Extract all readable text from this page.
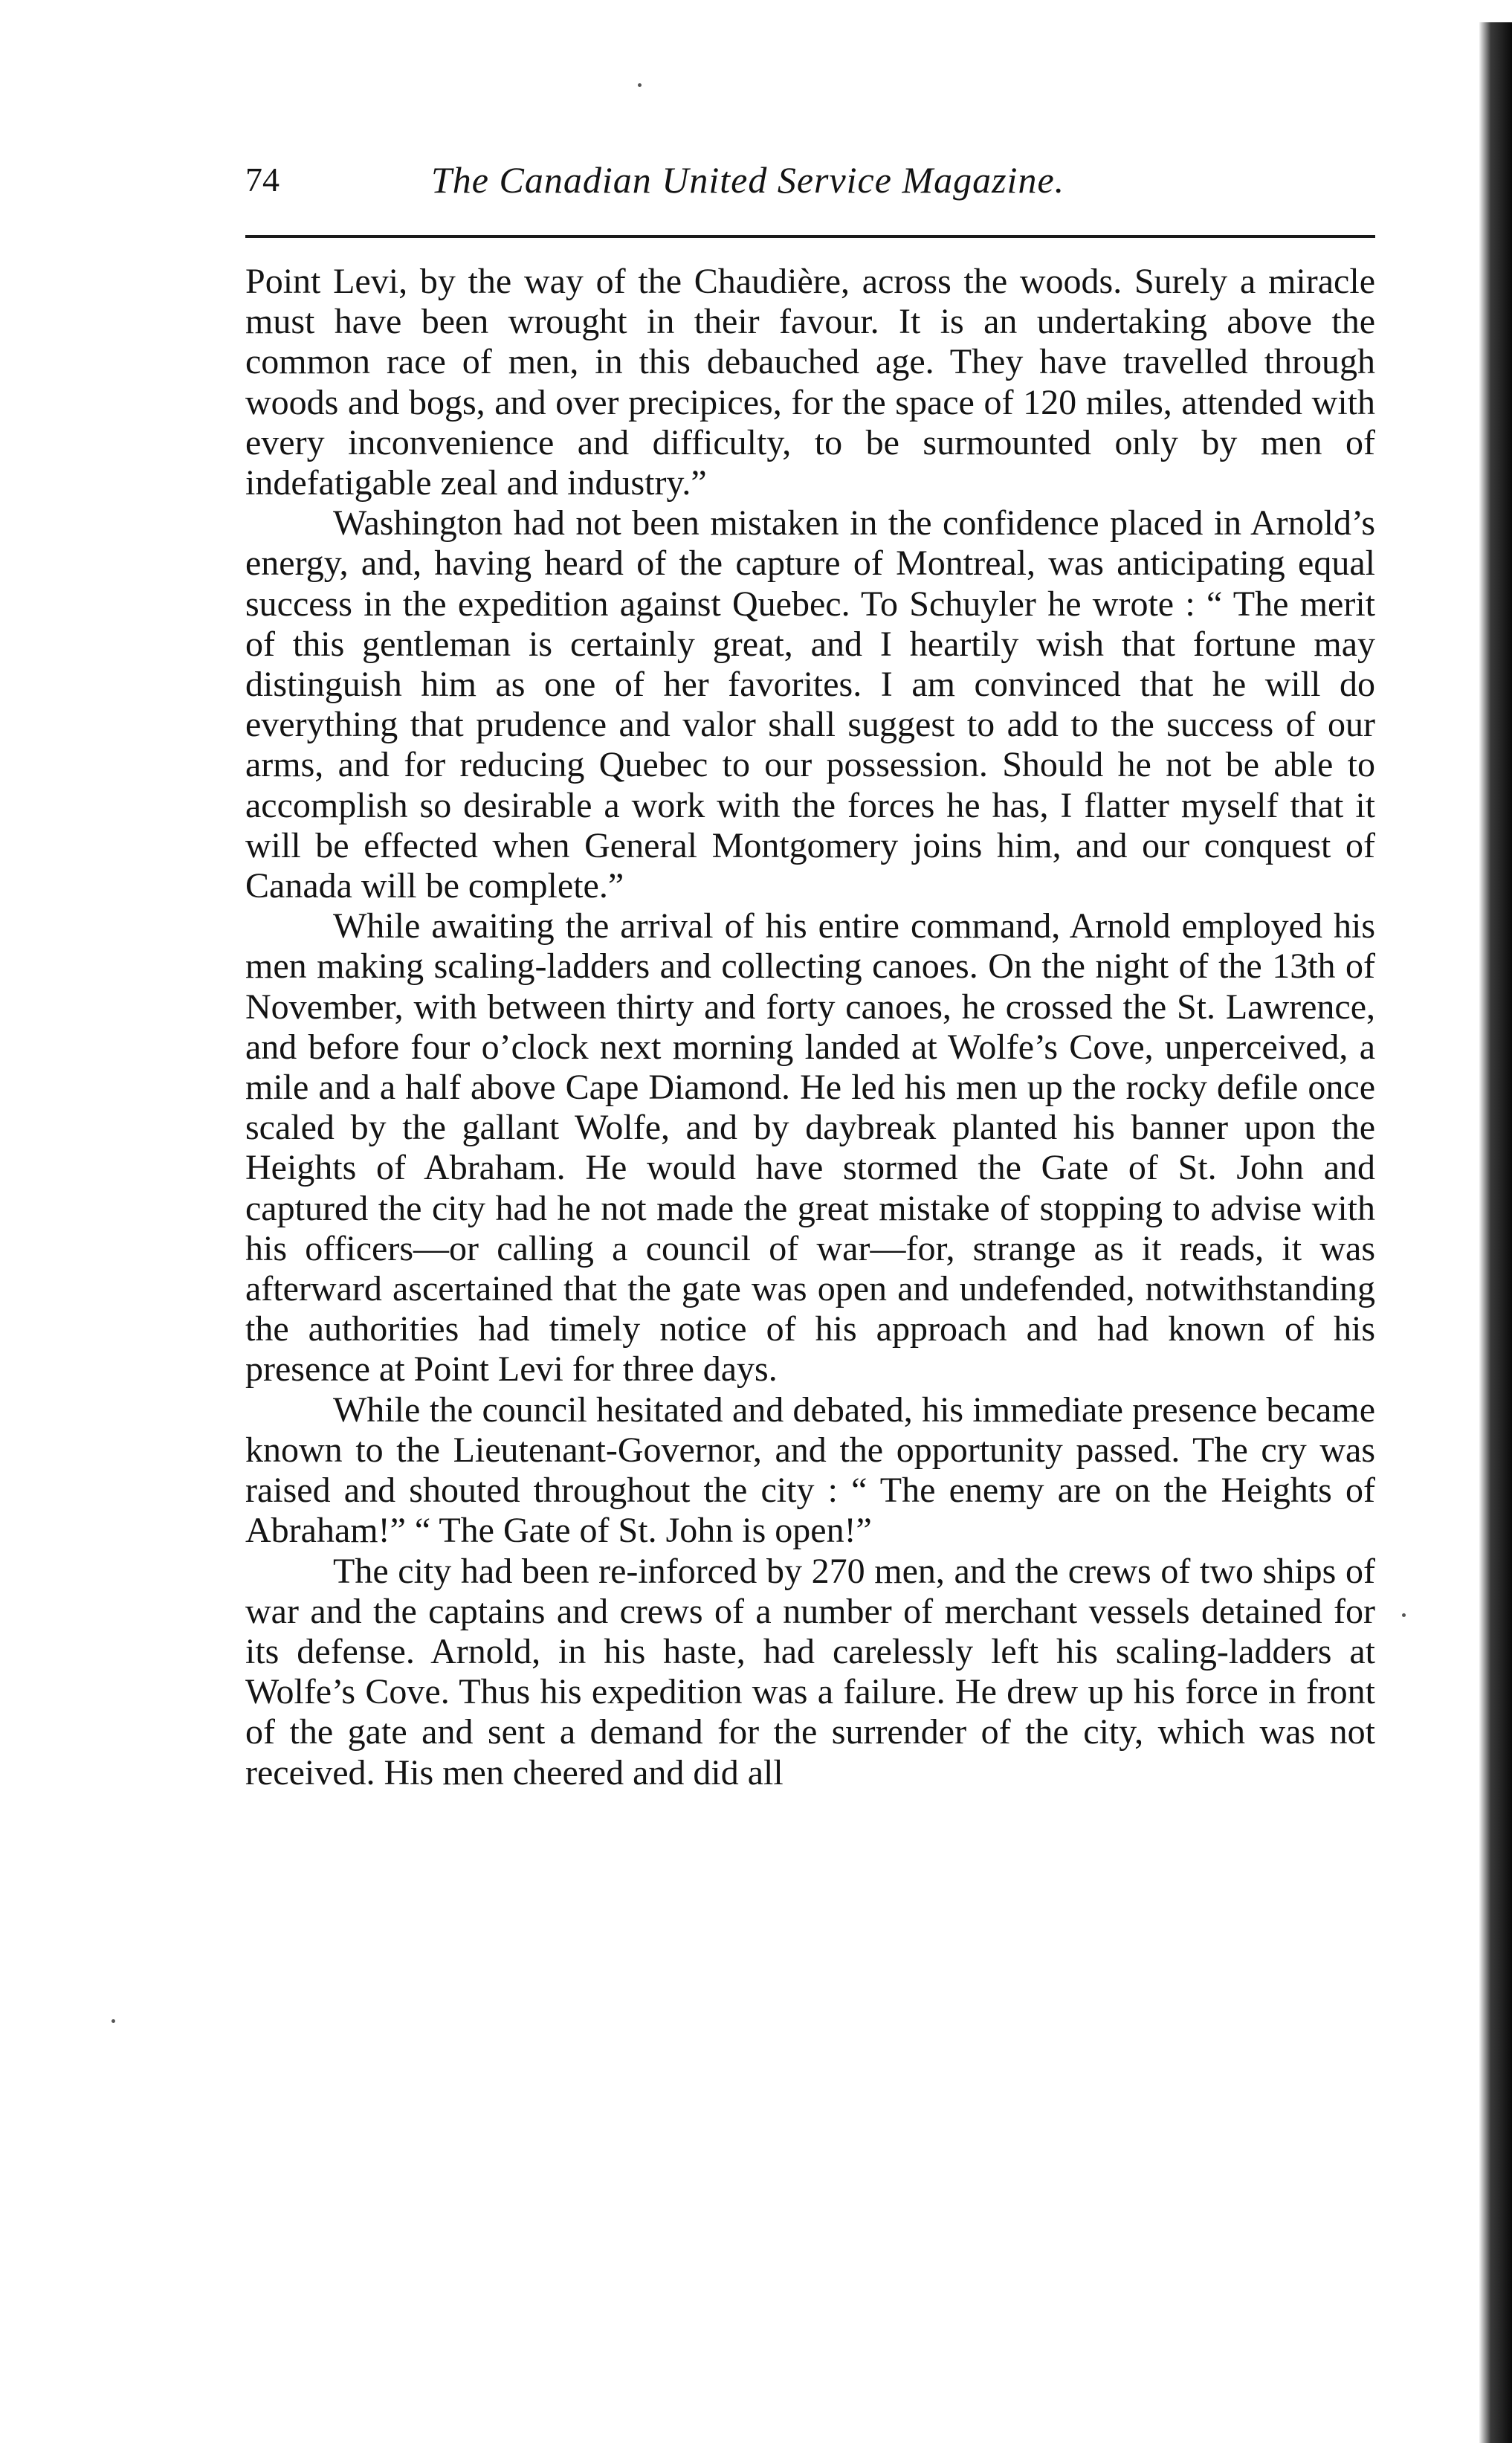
74	The Canadian United Service Magazine.

Point Levi, by the way of the Chaudière, across the woods. Surely a miracle must have been wrought in their favour. It is an undertaking above the common race of men, in this debauched age. They have travelled through woods and bogs, and over precipices, for the space of 120 miles, attended with every inconvenience and difficulty, to be surmounted only by men of indefatigable zeal and industry.”

Washington had not been mistaken in the confidence placed in Arnold’s energy, and, having heard of the capture of Montreal, was anticipating equal success in the expedition against Quebec. To Schuyler he wrote : “ The merit of this gentleman is certainly great, and I heartily wish that fortune may distinguish him as one of her favorites. I am convinced that he will do everything that prudence and valor shall suggest to add to the success of our arms, and for reducing Quebec to our possession. Should he not be able to accomplish so desirable a work with the forces he has, I flatter myself that it will be effected when General Montgomery joins him, and our conquest of Canada will be complete.”

While awaiting the arrival of his entire command, Arnold employed his men making scaling-ladders and collecting canoes. On the night of the 13th of November, with between thirty and forty canoes, he crossed the St. Lawrence, and before four o’clock next morning landed at Wolfe’s Cove, unperceived, a mile and a half above Cape Diamond. He led his men up the rocky defile once scaled by the gallant Wolfe, and by daybreak planted his banner upon the Heights of Abraham. He would have stormed the Gate of St. John and captured the city had he not made the great mistake of stopping to advise with his officers—or calling a council of war—for, strange as it reads, it was afterward ascertained that the gate was open and undefended, notwithstanding the authorities had timely notice of his approach and had known of his presence at Point Levi for three days.

While the council hesitated and debated, his immediate presence became known to the Lieutenant-Governor, and the opportunity passed. The cry was raised and shouted throughout the city : “ The enemy are on the Heights of Abraham!” “ The Gate of St. John is open!”

The city had been re-inforced by 270 men, and the crews of two ships of war and the captains and crews of a number of merchant vessels detained for its defense. Arnold, in his haste, had carelessly left his scaling-ladders at Wolfe’s Cove. Thus his expedition was a failure. He drew up his force in front of the gate and sent a demand for the surrender of the city, which was not received. His men cheered and did all
